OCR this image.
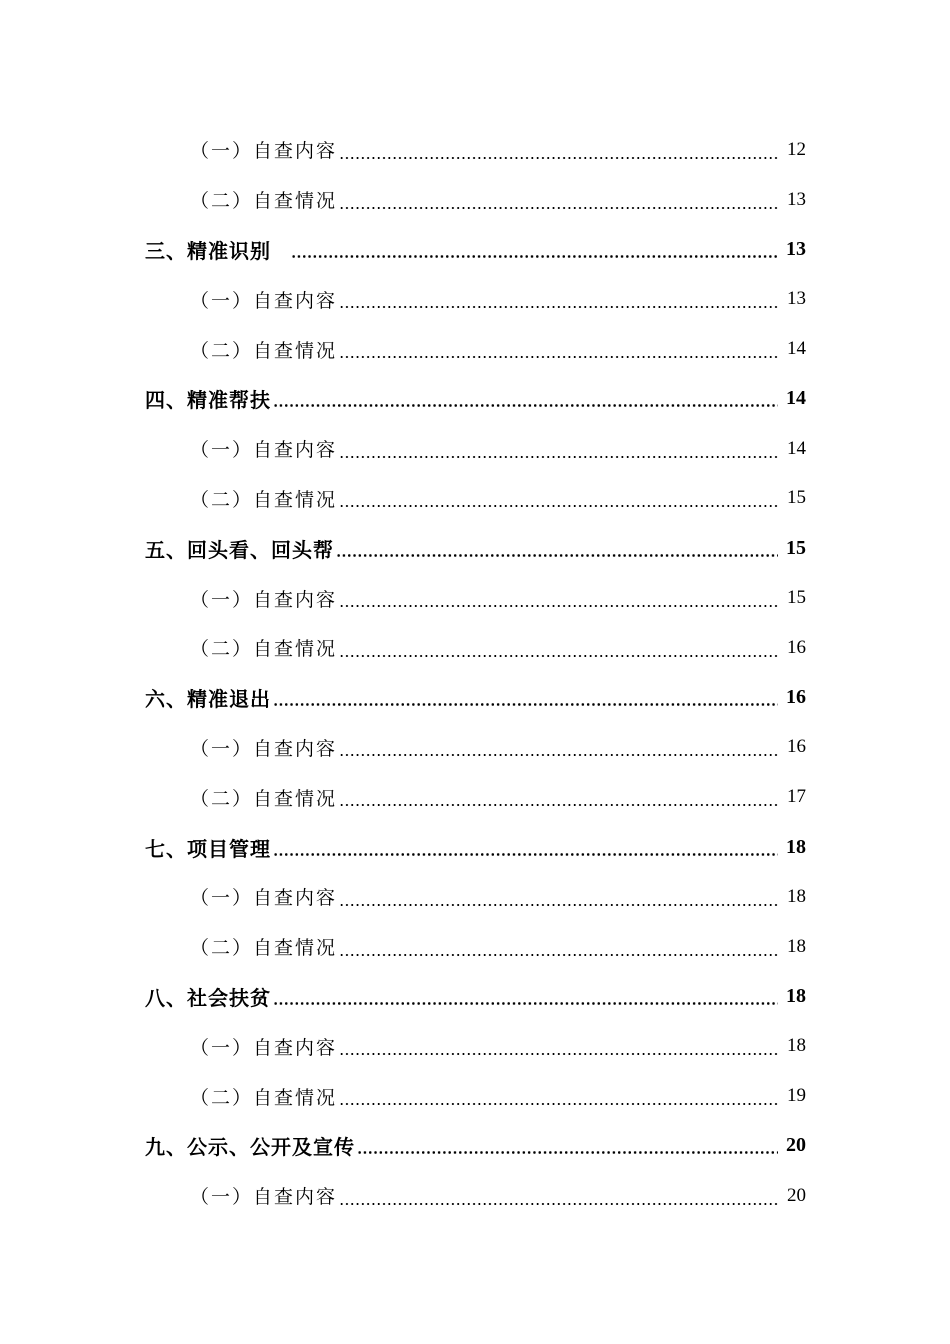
（一）自查内容	12
（二）自查情况	13
三、精准识别	13
（一）自查内容	13
（二）自查情况	14
四、精准帮扶	14
（一）自查内容	14
（二）自查情况	15
五、回头看、回头帮	15
（一）自查内容	15
（二）自查情况	16
六、精准退出	16
（一）自查内容	16
（二）自查情况	17
七、项目管理	18
（一）自查内容	18
（二）自查情况	18
八、社会扶贫	18
（一）自查内容	18
（二）自查情况	19
九、公示、公开及宣传	20
（一）自查内容	20
